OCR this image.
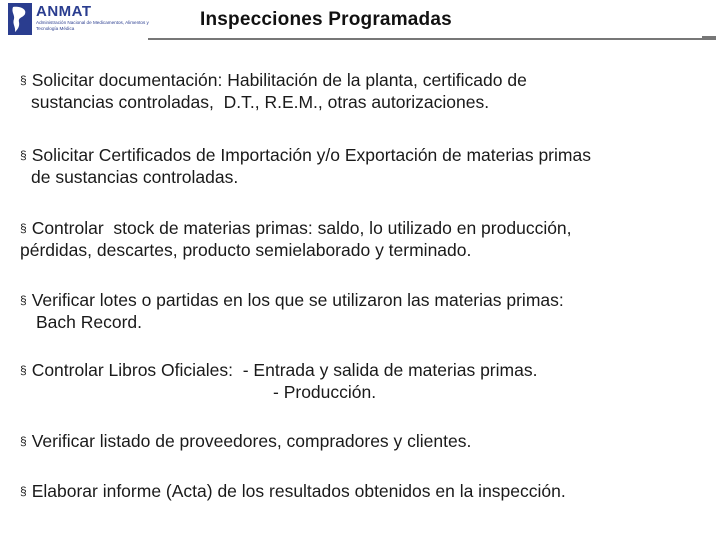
ANMAT
Administración Nacional de Medicamentos, Alimentos y Tecnología Médica	Inspecciones Programadas
§ Solicitar documentación: Habilitación de la planta, certificado de
sustancias controladas,  D.T., R.E.M., otras autorizaciones.
§ Solicitar Certificados de Importación y/o Exportación de materias primas
de sustancias controladas.
§ Controlar  stock de materias primas: saldo, lo utilizado en producción,
pérdidas, descartes, producto semielaborado y terminado.
§ Verificar lotes o partidas en los que se utilizaron las materias primas:
Bach Record.
§ Controlar Libros Oficiales:  - Entrada y salida de materias primas.
- Producción.
§ Verificar listado de proveedores, compradores y clientes.
§ Elaborar informe (Acta) de los resultados obtenidos en la inspección.
